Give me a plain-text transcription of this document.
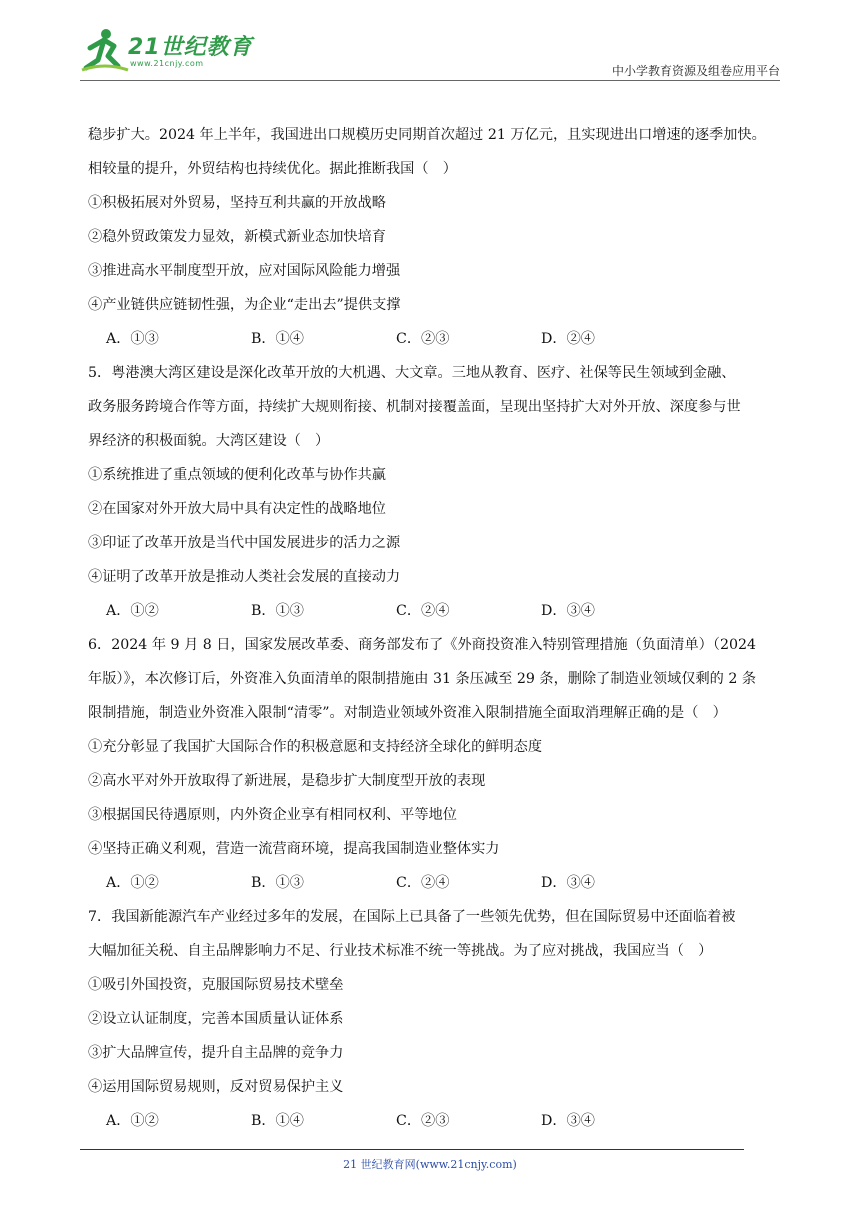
21世纪教育
www.21cnjy.com
中小学教育资源及组卷应用平台
稳步扩大。2024 年上半年，我国进出口规模历史同期首次超过 21 万亿元，且实现进出口增速的逐季加快。
相较量的提升，外贸结构也持续优化。据此推断我国（　）
①积极拓展对外贸易，坚持互利共赢的开放战略
②稳外贸政策发力显效，新模式新业态加快培育
③推进高水平制度型开放，应对国际风险能力增强
④产业链供应链韧性强，为企业“走出去”提供支撑
A．①③	B．①④	C．②③	D．②④
5．粤港澳大湾区建设是深化改革开放的大机遇、大文章。三地从教育、医疗、社保等民生领域到金融、
政务服务跨境合作等方面，持续扩大规则衔接、机制对接覆盖面，呈现出坚持扩大对外开放、深度参与世
界经济的积极面貌。大湾区建设（　）
①系统推进了重点领域的便利化改革与协作共赢
②在国家对外开放大局中具有决定性的战略地位
③印证了改革开放是当代中国发展进步的活力之源
④证明了改革开放是推动人类社会发展的直接动力
A．①②	B．①③	C．②④	D．③④
6．2024 年 9 月 8 日，国家发展改革委、商务部发布了《外商投资准入特别管理措施（负面清单）（2024
年版）》，本次修订后，外资准入负面清单的限制措施由 31 条压减至 29 条，删除了制造业领域仅剩的 2 条
限制措施，制造业外资准入限制“清零”。对制造业领域外资准入限制措施全面取消理解正确的是（　）
①充分彰显了我国扩大国际合作的积极意愿和支持经济全球化的鲜明态度
②高水平对外开放取得了新进展，是稳步扩大制度型开放的表现
③根据国民待遇原则，内外资企业享有相同权利、平等地位
④坚持正确义利观，营造一流营商环境，提高我国制造业整体实力
A．①②	B．①③	C．②④	D．③④
7．我国新能源汽车产业经过多年的发展，在国际上已具备了一些领先优势，但在国际贸易中还面临着被
大幅加征关税、自主品牌影响力不足、行业技术标准不统一等挑战。为了应对挑战，我国应当（　）
①吸引外国投资，克服国际贸易技术壁垒
②设立认证制度，完善本国质量认证体系
③扩大品牌宣传，提升自主品牌的竞争力
④运用国际贸易规则，反对贸易保护主义
A．①②	B．①④	C．②③	D．③④
21 世纪教育网(www.21cnjy.com)
